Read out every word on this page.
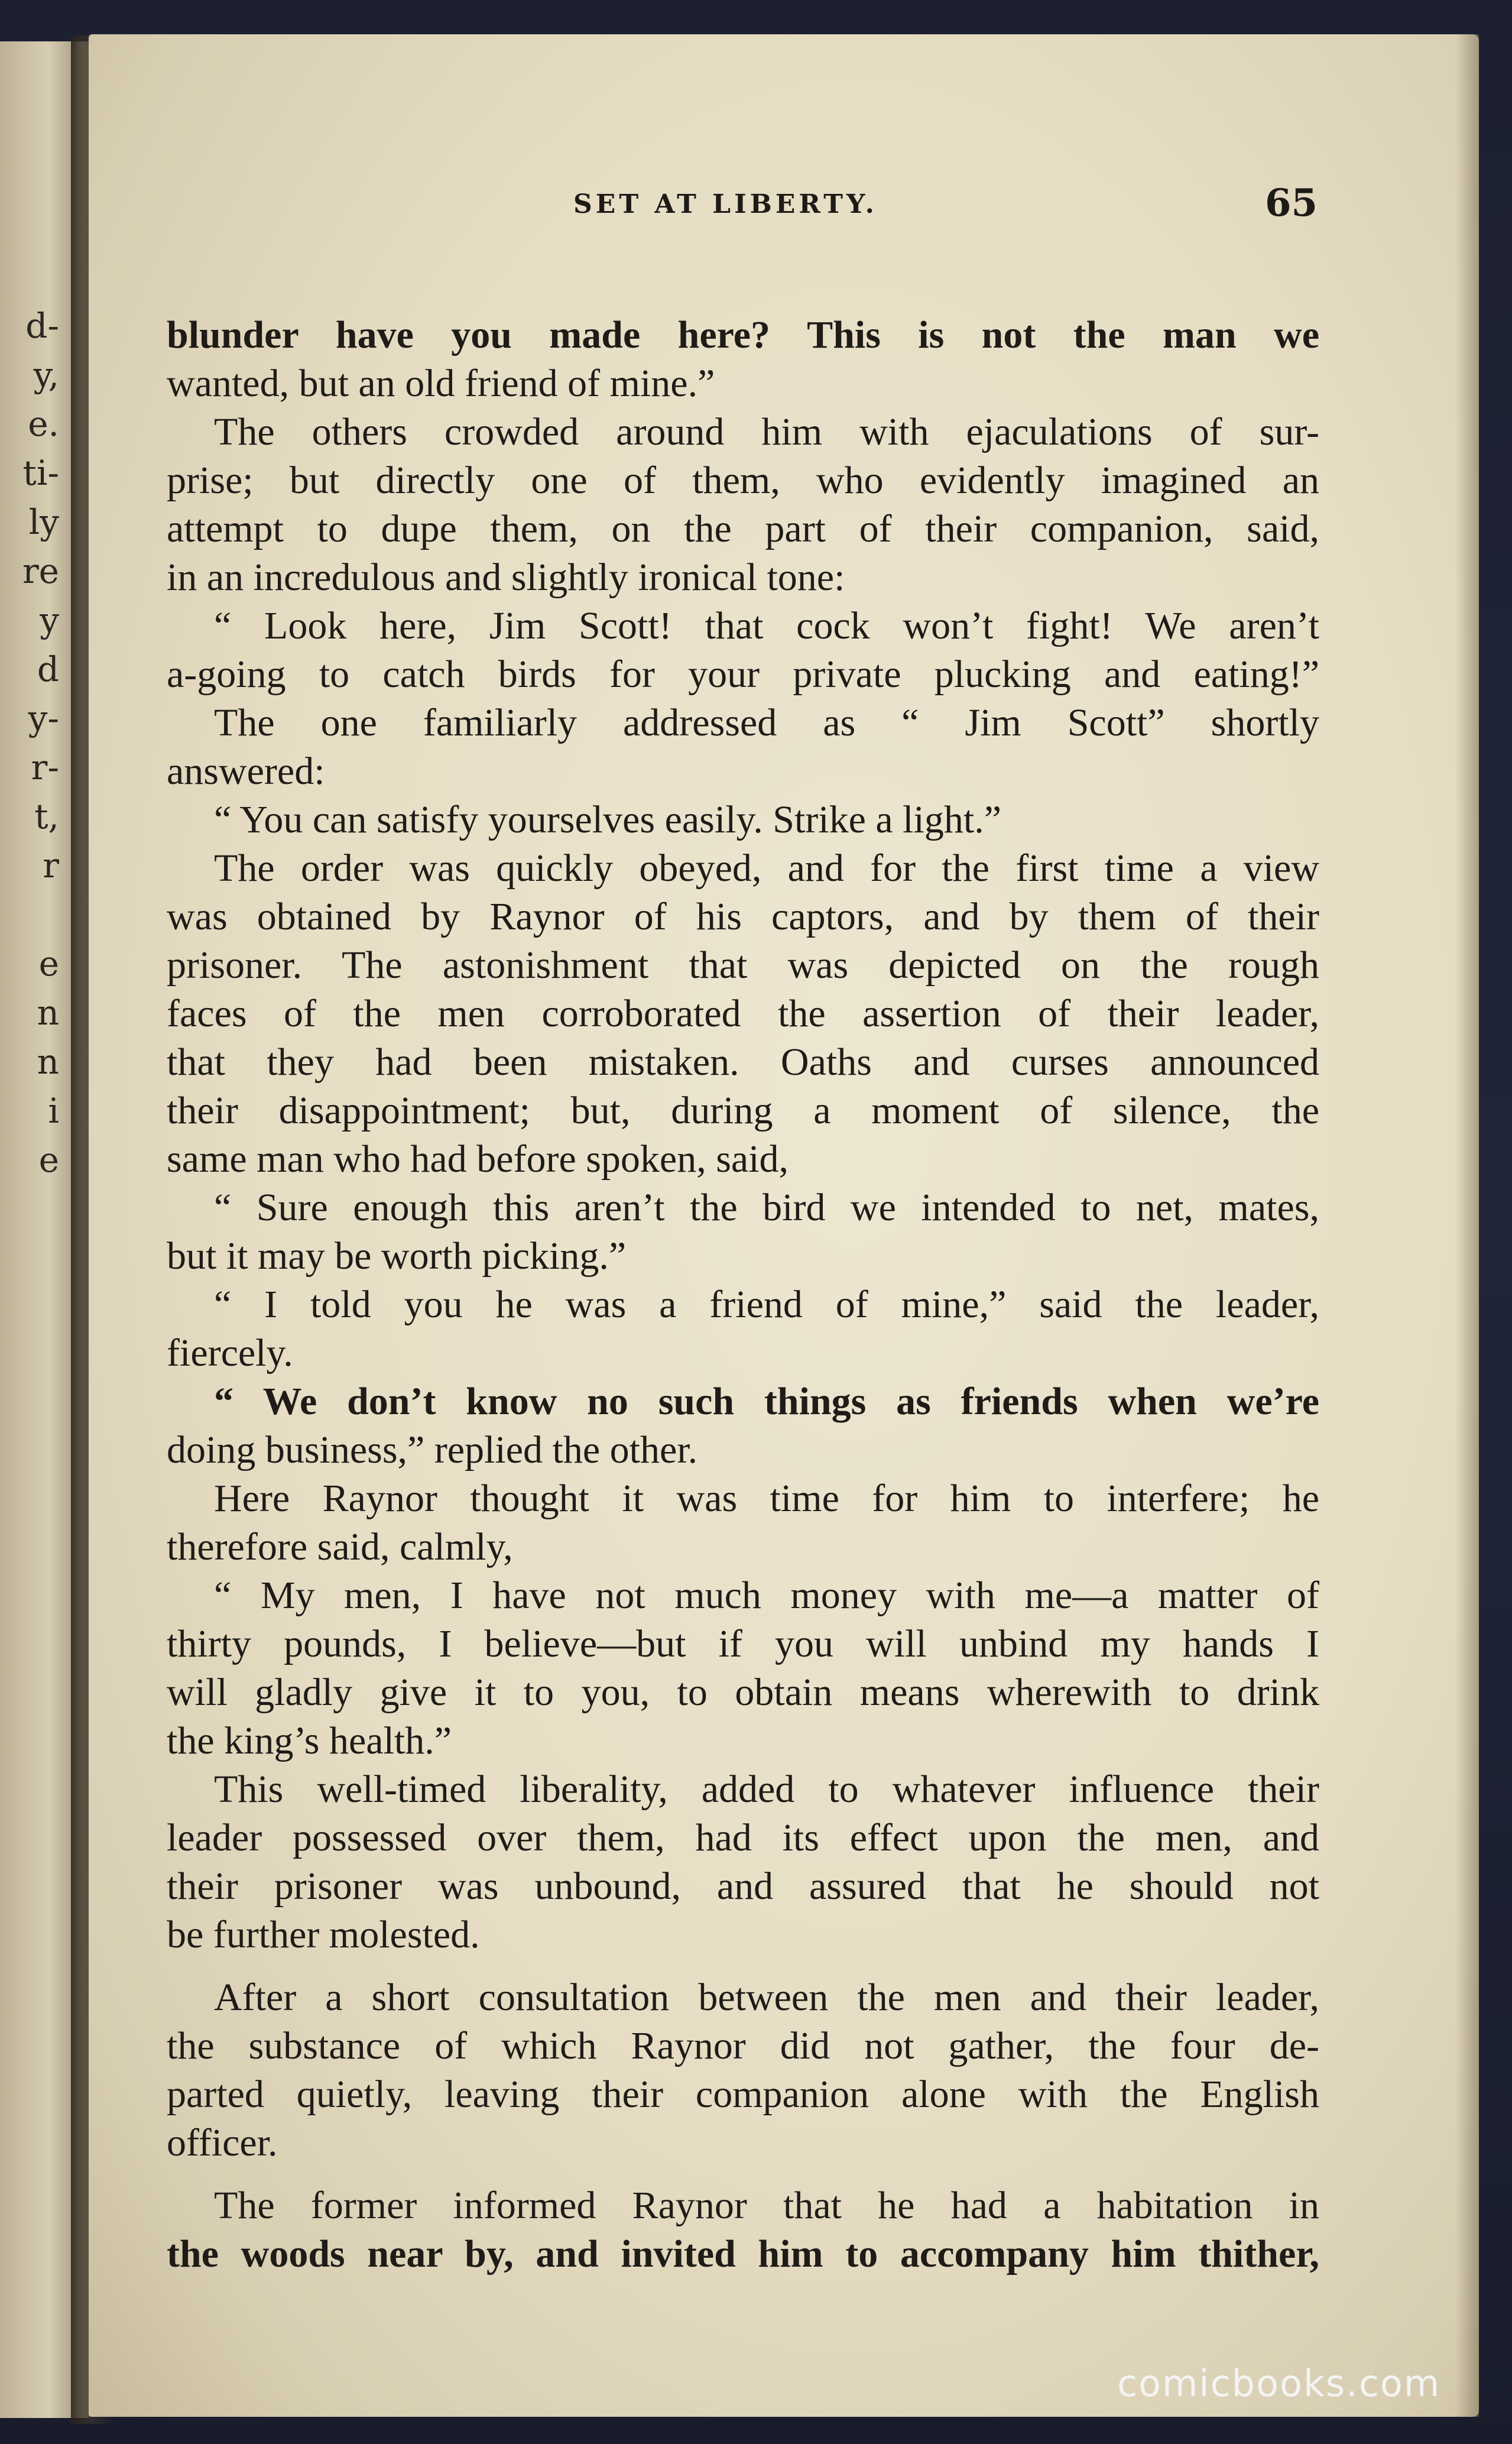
d-
y,
e.
ti-
ly
re
y
d
y-
r-
t,
r
e
n
n
i
e
SET AT LIBERTY.	65
blunder have you made here? This is not the man we
wanted, but an old friend of mine.”
The others crowded around him with ejaculations of sur-
prise; but directly one of them, who evidently imagined an
attempt to dupe them, on the part of their companion, said,
in an incredulous and slightly ironical tone:
“ Look here, Jim Scott! that cock won’t fight! We aren’t
a-going to catch birds for your private plucking and eating!”
The one familiarly addressed as “ Jim Scott” shortly
answered:
“ You can satisfy yourselves easily. Strike a light.”
The order was quickly obeyed, and for the first time a view
was obtained by Raynor of his captors, and by them of their
prisoner. The astonishment that was depicted on the rough
faces of the men corroborated the assertion of their leader,
that they had been mistaken. Oaths and curses announced
their disappointment; but, during a moment of silence, the
same man who had before spoken, said,
“ Sure enough this aren’t the bird we intended to net, mates,
but it may be worth picking.”
“ I told you he was a friend of mine,” said the leader,
fiercely.
“ We don’t know no such things as friends when we’re
doing business,” replied the other.
Here Raynor thought it was time for him to interfere; he
therefore said, calmly,
“ My men, I have not much money with me—a matter of
thirty pounds, I believe—but if you will unbind my hands I
will gladly give it to you, to obtain means wherewith to drink
the king’s health.”
This well-timed liberality, added to whatever influence their
leader possessed over them, had its effect upon the men, and
their prisoner was unbound, and assured that he should not
be further molested.
After a short consultation between the men and their leader,
the substance of which Raynor did not gather, the four de-
parted quietly, leaving their companion alone with the English
officer.
The former informed Raynor that he had a habitation in
the woods near by, and invited him to accompany him thither,
comicbooks.com
